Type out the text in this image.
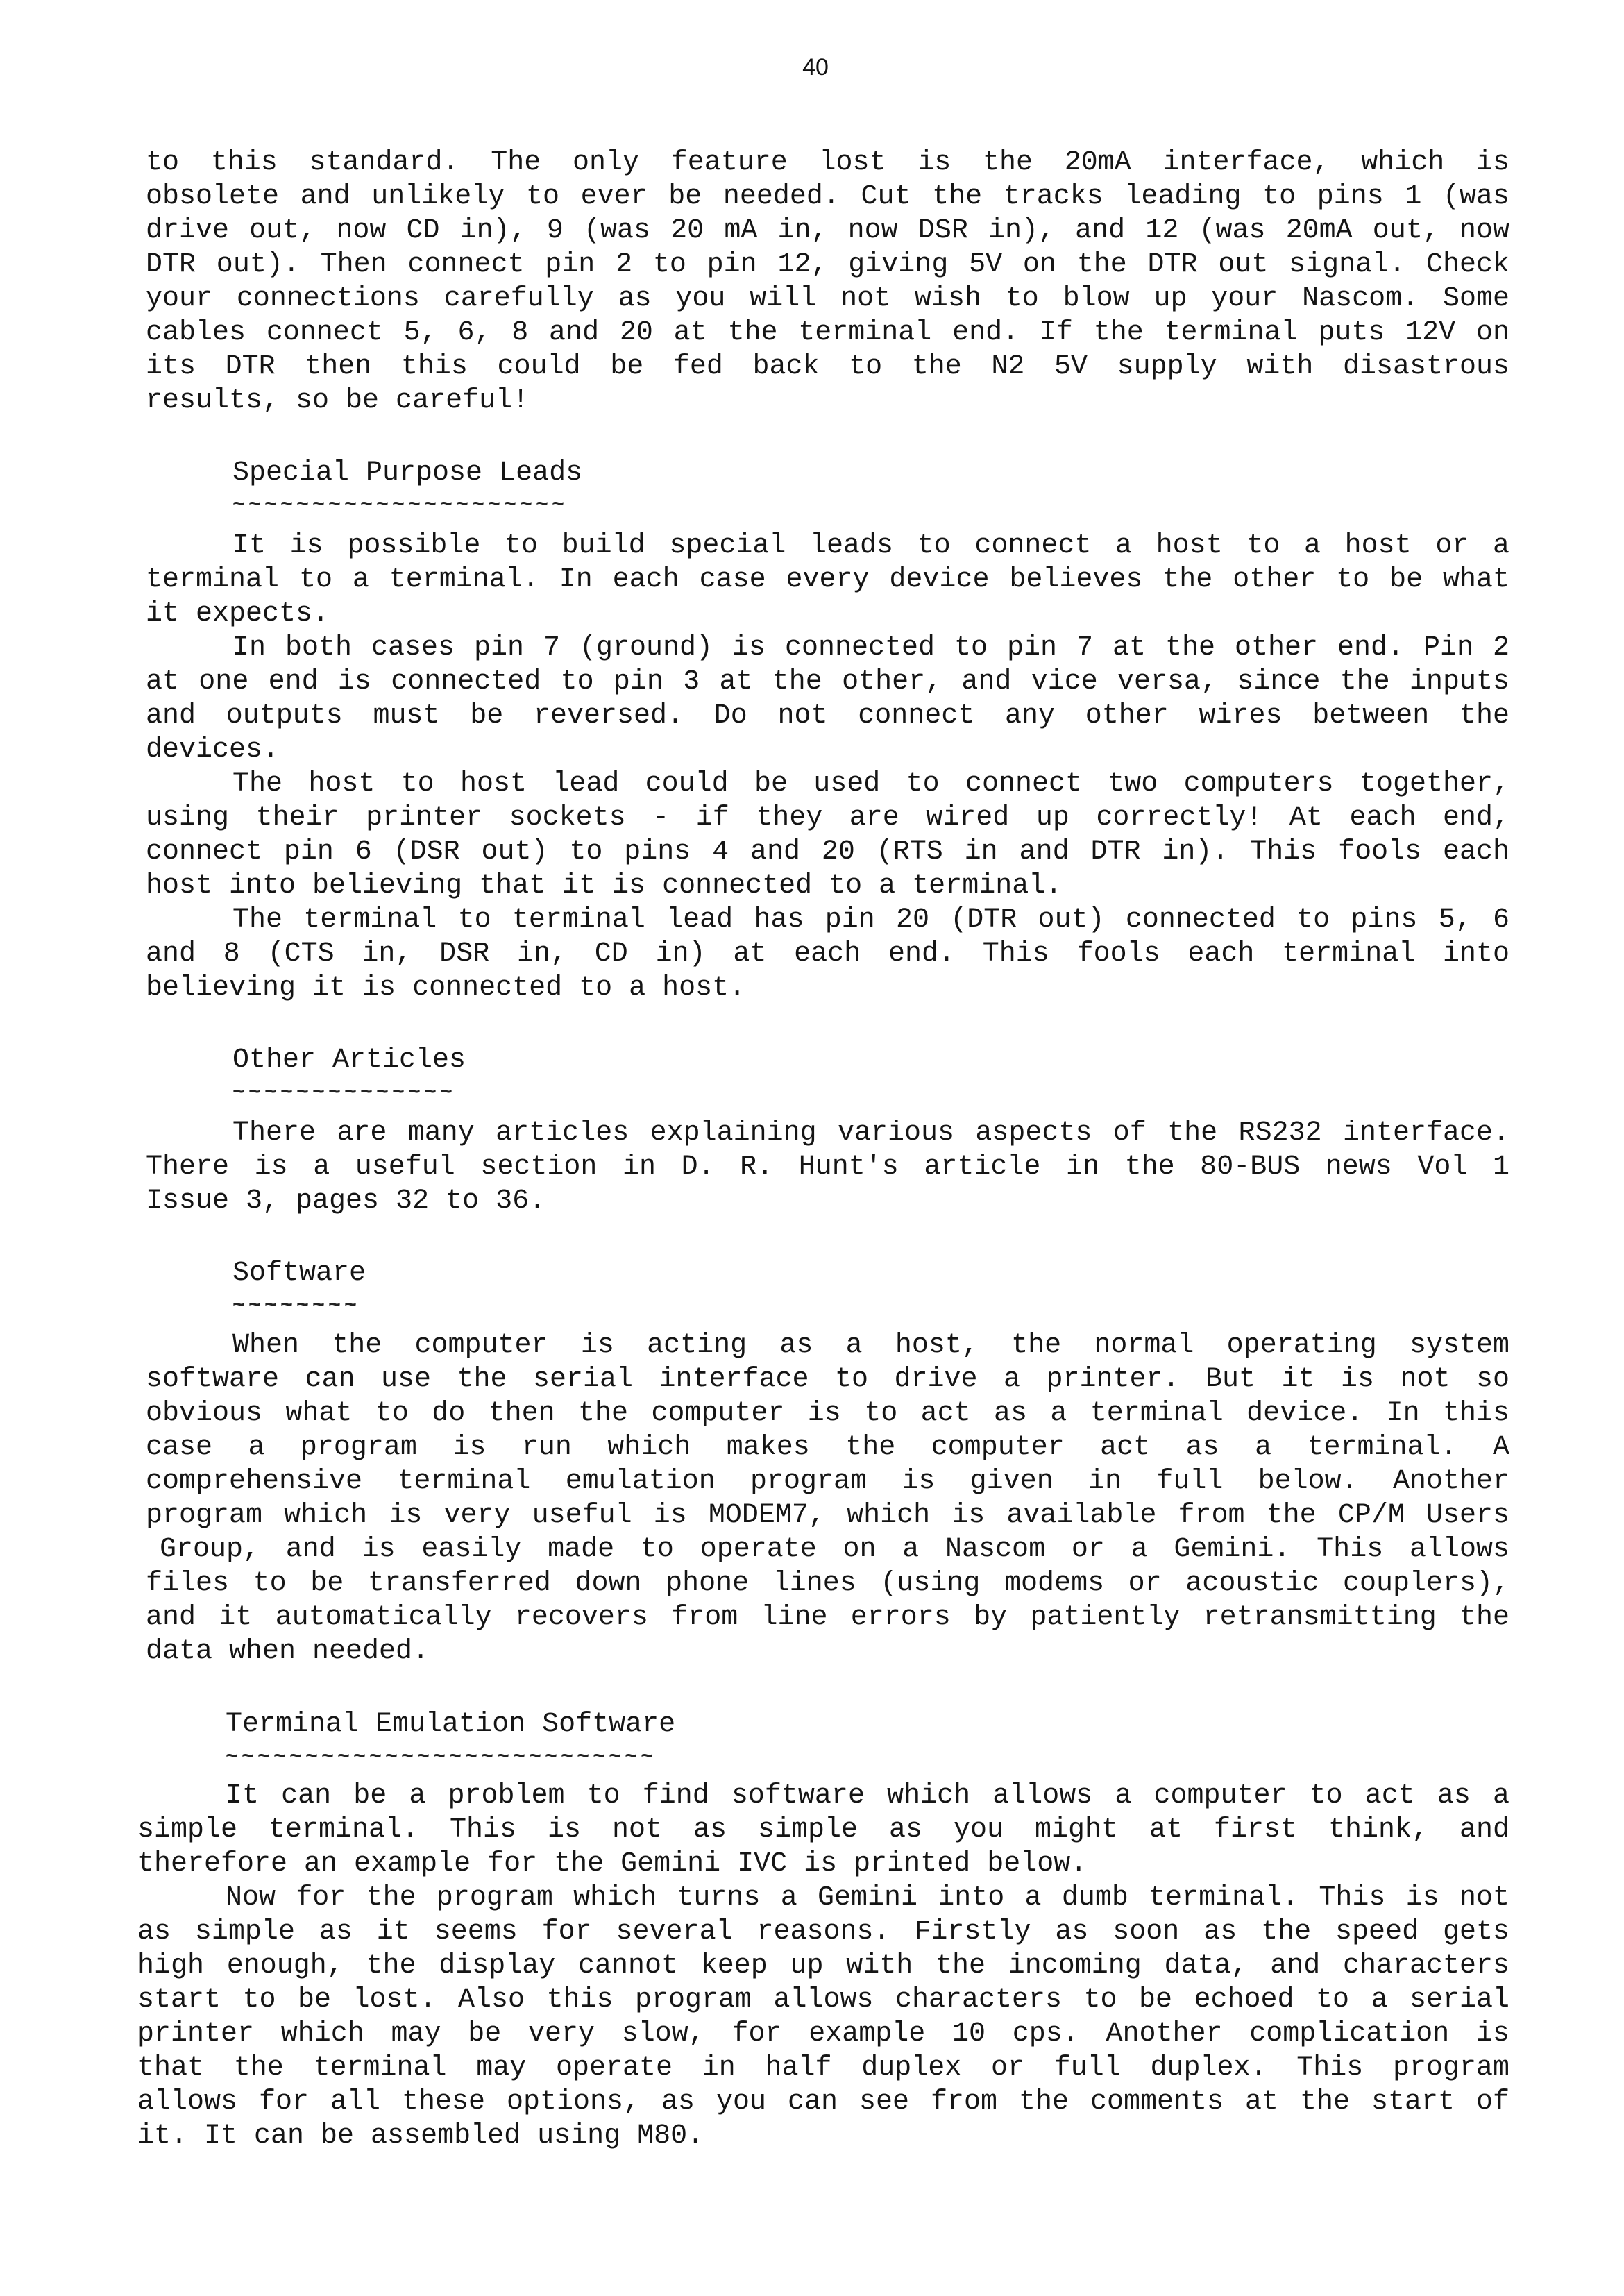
40
to this standard. The only feature lost is the 20mA interface, which is
obsolete and unlikely to ever be needed. Cut the tracks leading to pins 1 (was
drive out, now CD in), 9 (was 20 mA in, now DSR in), and 12 (was 20mA out, now
DTR out). Then connect pin 2 to pin 12, giving 5V on the DTR out signal. Check
your connections carefully as you will not wish to blow up your Nascom. Some
cables connect 5, 6, 8 and 20 at the terminal end. If the terminal puts 12V on
its DTR then this could be fed back to the N2 5V supply with disastrous
results, so be careful!
Special Purpose Leads
~~~~~~~~~~~~~~~~~~~~~
It is possible to build special leads to connect a host to a host or a
terminal to a terminal. In each case every device believes the other to be what
it expects.
In both cases pin 7 (ground) is connected to pin 7 at the other end. Pin 2
at one end is connected to pin 3 at the other, and vice versa, since the inputs
and outputs must be reversed. Do not connect any other wires between the
devices.
The host to host lead could be used to connect two computers together,
using their printer sockets - if they are wired up correctly! At each end,
connect pin 6 (DSR out) to pins 4 and 20 (RTS in and DTR in). This fools each
host into believing that it is connected to a terminal.
The terminal to terminal lead has pin 20 (DTR out) connected to pins 5, 6
and 8 (CTS in, DSR in, CD in) at each end. This fools each terminal into
believing it is connected to a host.
Other Articles
~~~~~~~~~~~~~~
There are many articles explaining various aspects of the RS232 interface.
There is a useful section in D. R. Hunt's article in the 80-BUS news Vol 1
Issue 3, pages 32 to 36.
Software
~~~~~~~~
When the computer is acting as a host, the normal operating system
software can use the serial interface to drive a printer. But it is not so
obvious what to do then the computer is to act as a terminal device. In this
case a program is run which makes the computer act as a terminal. A
comprehensive terminal emulation program is given in full below. Another
program which is very useful is MODEM7, which is available from the CP/M Users
Group, and is easily made to operate on a Nascom or a Gemini. This allows
files to be transferred down phone lines (using modems or acoustic couplers),
and it automatically recovers from line errors by patiently retransmitting the
data when needed.
Terminal Emulation Software
~~~~~~~~~~~~~~~~~~~~~~~~~~~
It can be a problem to find software which allows a computer to act as a
simple terminal. This is not as simple as you might at first think, and
therefore an example for the Gemini IVC is printed below.
Now for the program which turns a Gemini into a dumb terminal. This is not
as simple as it seems for several reasons. Firstly as soon as the speed gets
high enough, the display cannot keep up with the incoming data, and characters
start to be lost. Also this program allows characters to be echoed to a serial
printer which may be very slow, for example 10 cps. Another complication is
that the terminal may operate in half duplex or full duplex. This program
allows for all these options, as you can see from the comments at the start of
it. It can be assembled using M80.
